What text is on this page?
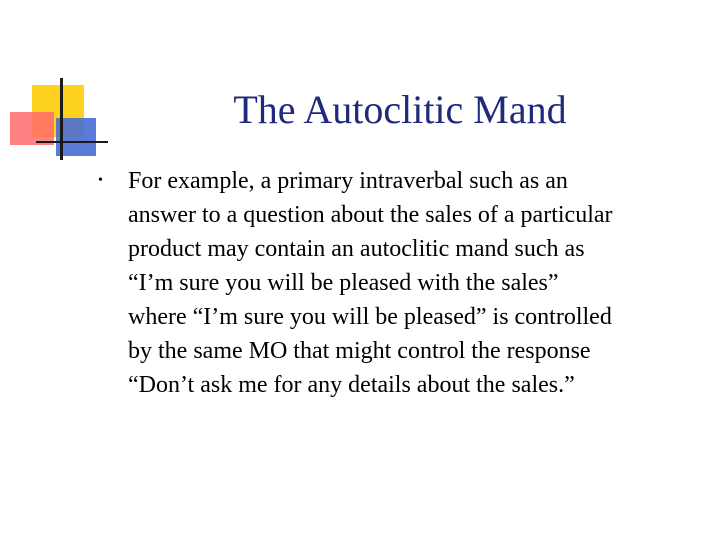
The Autoclitic Mand
• For example, a primary intraverbal such as an
answer to a question about the sales of a particular
product may contain an autoclitic mand such as
“I’m sure you will be pleased with the sales”
where “I’m sure you will be pleased” is controlled
by the same MO that might control the response
“Don’t ask me for any details about the sales.”
